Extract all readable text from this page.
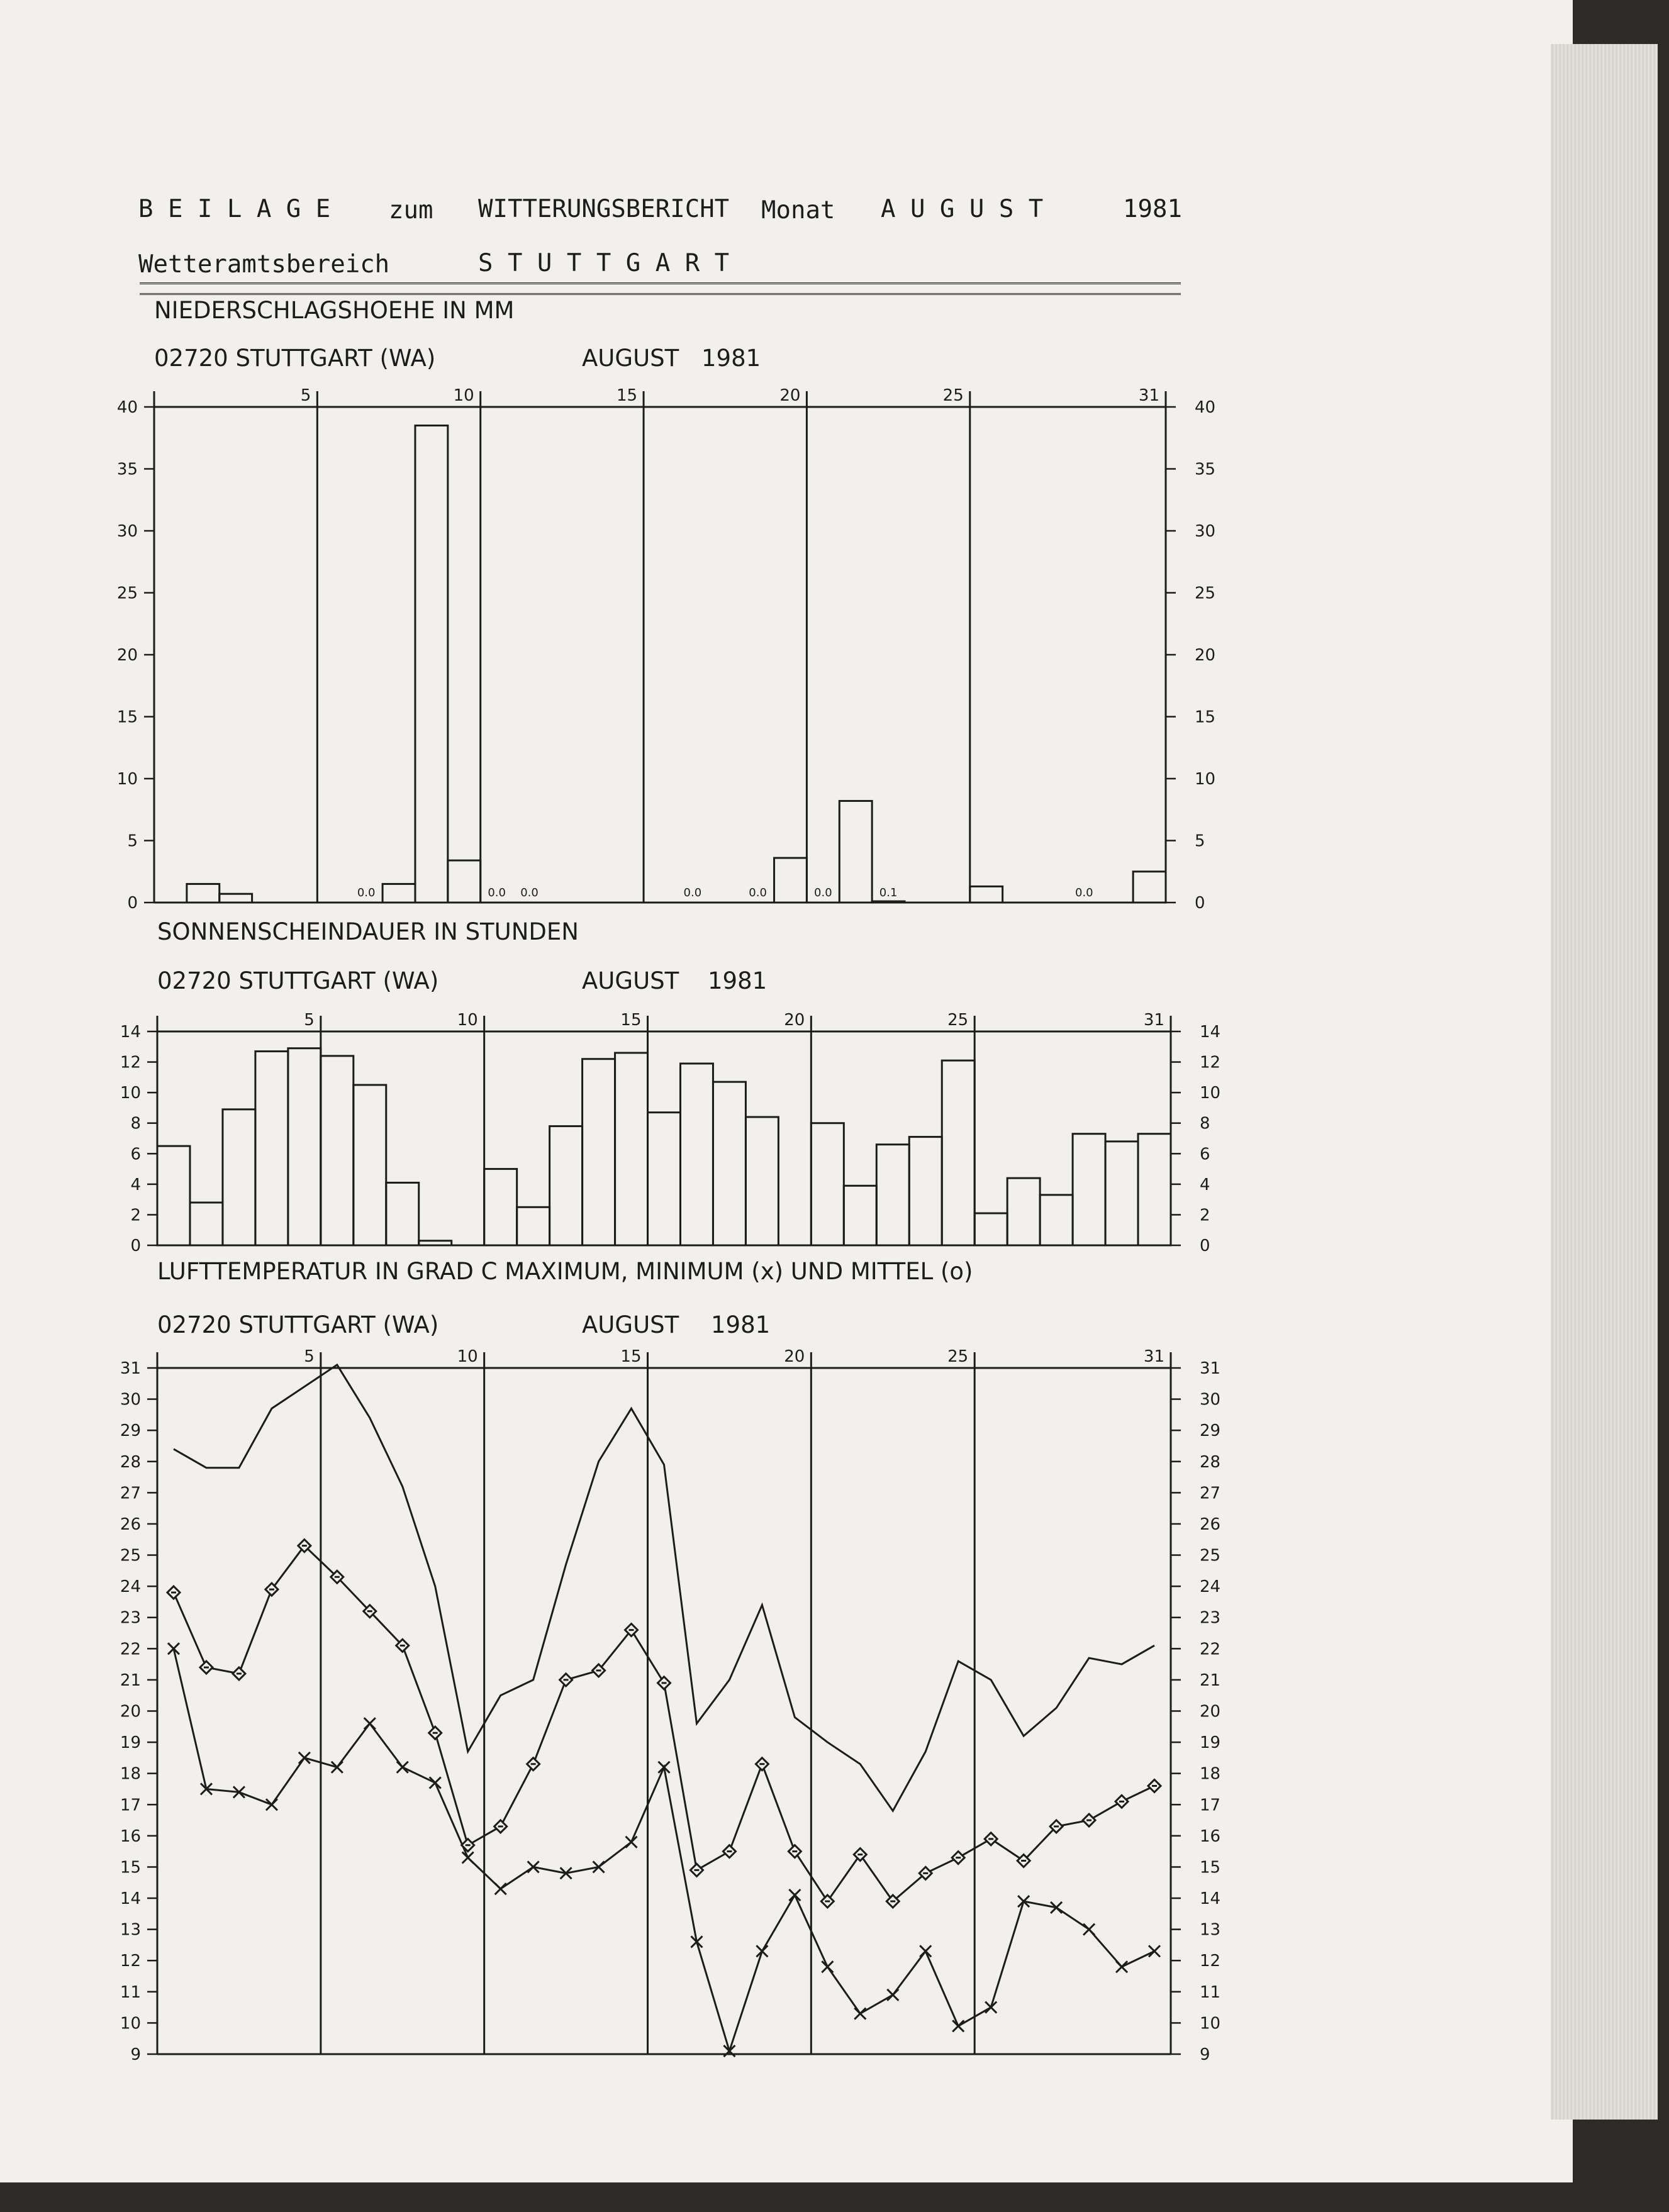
B E I L A G E zum WITTERUNGSBERICHT Monat A U G U S T	1981
Wetteramtsbereich	S T U T T G A R T
NIEDERSCHLAGSHOEHE IN MM
02720 STUTTGART (WA)	AUGUST 1981
SONNENSCHEINDAUER IN STUNDEN
02720 STUTTGART (WA)	AUGUST 1981
LUFTTEMPERATUR IN GRAD C MAXIMUM, MINIMUM (x) UND MITTEL (o)
02720 STUTTGART (WA)	AUGUST 1981
5	10	15	20	25	31
0	0
5	5
10	10
15	15
20	20
25	25
30	30
35	35
40	40
0.0	0.0 0.0	0.0	0.0	0.0	0.1	0.0
5	10	15	20	25	31
0	0
2	2
4	4
6	6
8	8
10	10
12	12
14	14
5	10	15	20	25	31
9	9
10	10
11	11
12	12
13	13
14	14
15	15
16	16
17	17
18	18
19	19
20	20
21	21
22	22
23	23
24	24
25	25
26	26
27	27
28	28
29	29
30	30
31	31
